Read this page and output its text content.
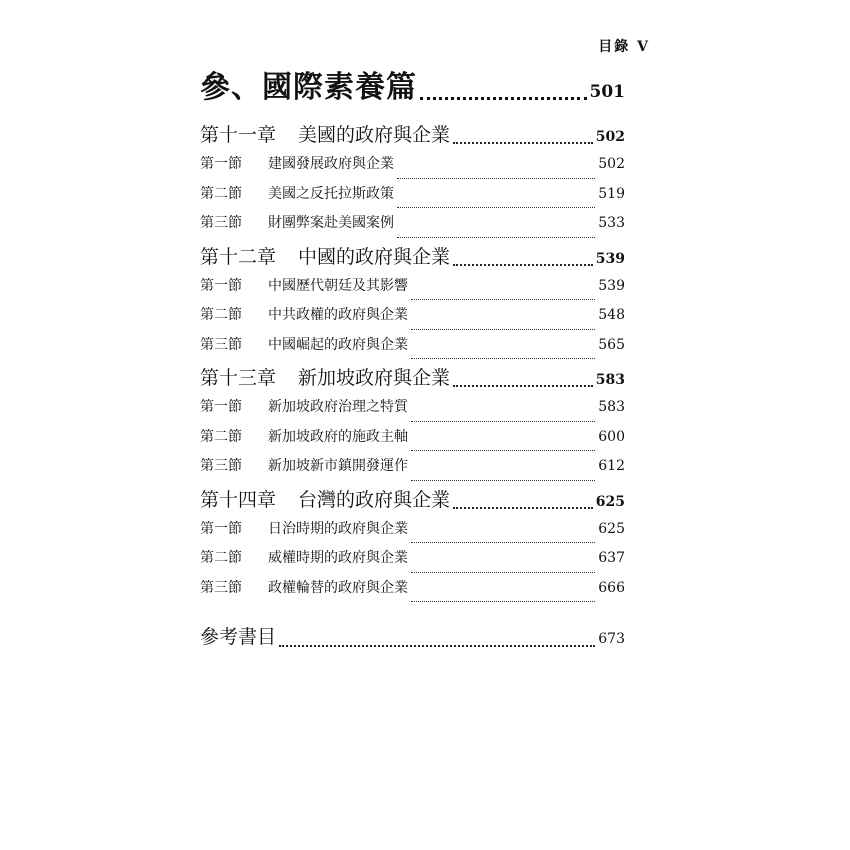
目錄 V
參、國際素養篇	501
第十一章 美國的政府與企業	502
第一節 建國發展政府與企業	502
第二節 美國之反托拉斯政策	519
第三節 財團弊案赴美國案例	533
第十二章 中國的政府與企業	539
第一節 中國歷代朝廷及其影響	539
第二節 中共政權的政府與企業	548
第三節 中國崛起的政府與企業	565
第十三章 新加坡政府與企業	583
第一節 新加坡政府治理之特質	583
第二節 新加坡政府的施政主軸	600
第三節 新加坡新市鎮開發運作	612
第十四章 台灣的政府與企業	625
第一節 日治時期的政府與企業	625
第二節 威權時期的政府與企業	637
第三節 政權輪替的政府與企業	666
參考書目	673
